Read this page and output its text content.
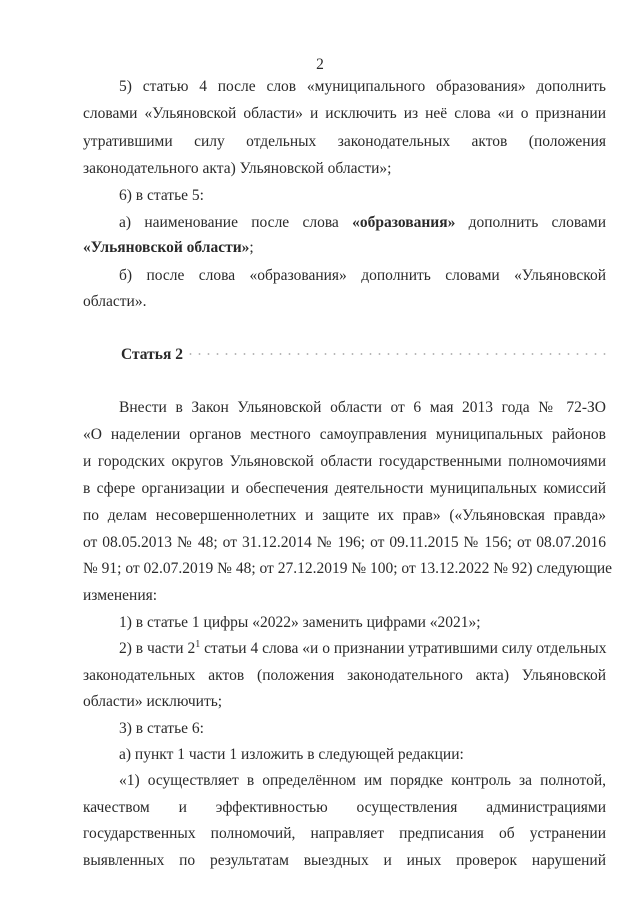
2
5) статью 4 после слов «муниципального образования» дополнить
словами «Ульяновской области» и исключить из неё слова «и о признании
утратившими силу отдельных законодательных актов (положения
законодательного акта) Ульяновской области»;
6) в статье 5:
а) наименование после слова «образования» дополнить словами
«Ульяновской области»;
б) после слова «образования» дополнить словами «Ульяновской
области».
Статья 2
Внести в Закон Ульяновской области от 6 мая 2013 года № 72-ЗО
«О наделении органов местного самоуправления муниципальных районов
и городских округов Ульяновской области государственными полномочиями
в сфере организации и обеспечения деятельности муниципальных комиссий
по делам несовершеннолетних и защите их прав» («Ульяновская правда»
от 08.05.2013 № 48; от 31.12.2014 № 196; от 09.11.2015 № 156; от 08.07.2016
№ 91; от 02.07.2019 № 48; от 27.12.2019 № 100; от 13.12.2022 № 92) следующие
изменения:
1) в статье 1 цифры «2022» заменить цифрами «2021»;
2) в части $2^1$ статьи 4 слова «и о признании утратившими силу отдельных
законодательных актов (положения законодательного акта) Ульяновской
области» исключить;
3) в статье 6:
а) пункт 1 части 1 изложить в следующей редакции:
«1) осуществляет в определённом им порядке контроль за полнотой,
качеством и эффективностью осуществления администрациями
государственных полномочий, направляет предписания об устранении
выявленных по результатам выездных и иных проверок нарушений
